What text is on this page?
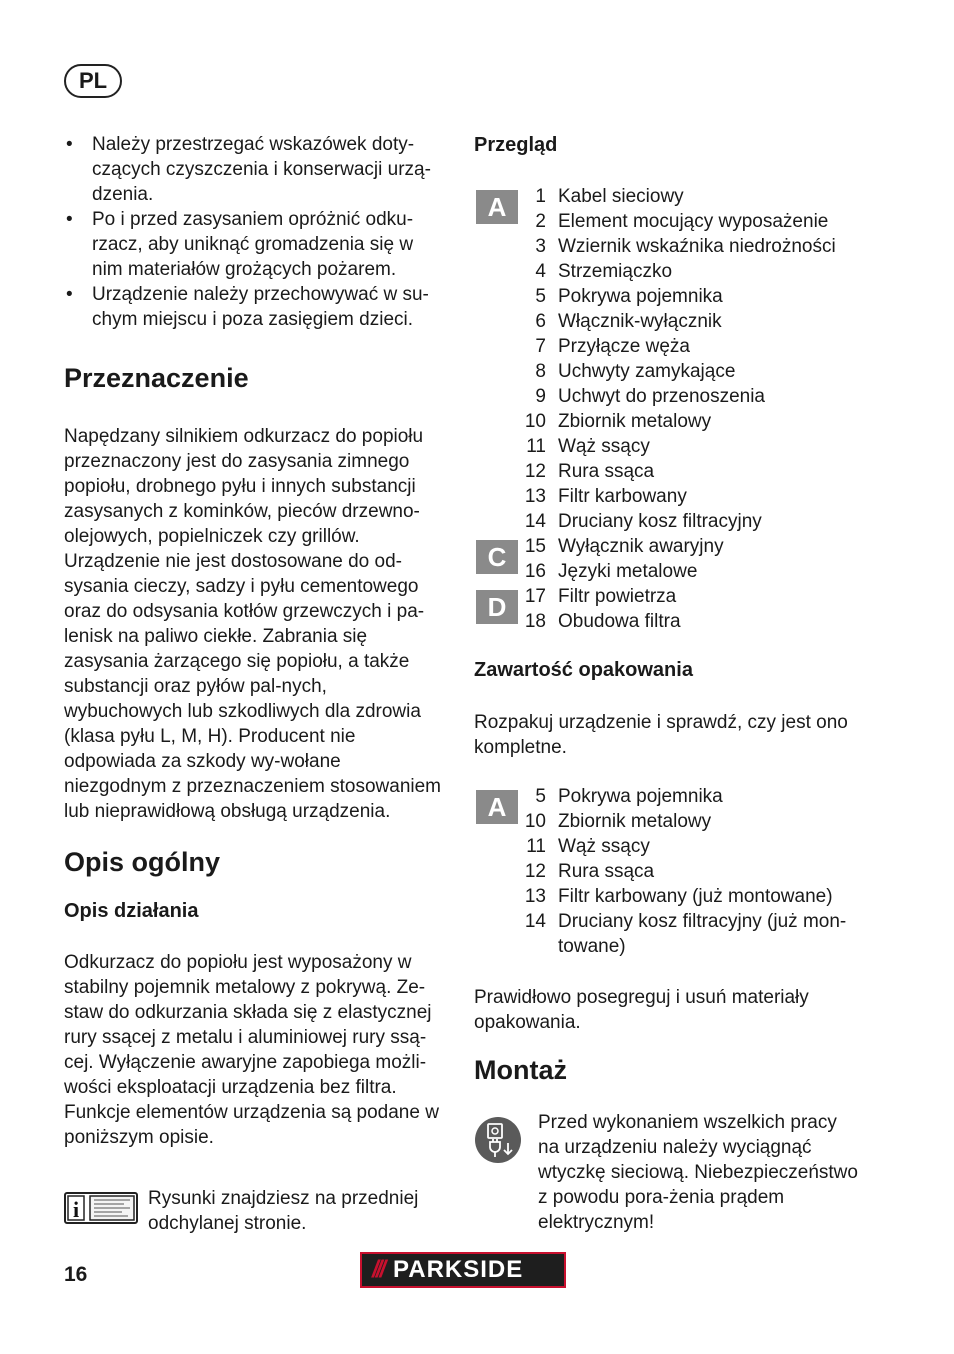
PL
• Należy przestrzegać wskazówek doty-czących czyszczenia i konserwacji urzą-dzenia.
• Po i przed zasysaniem opróżnić odku-rzacz, aby uniknąć gromadzenia się w nim materiałów grożących pożarem.
• Urządzenie należy przechowywać w su-chym miejscu i poza zasięgiem dzieci.
Przeznaczenie

Napędzany silnikiem odkurzacz do popiołu przeznaczony jest do zasysania zimnego popiołu, drobnego pyłu i innych substancji zasysanych z kominków, pieców drzewno-olejowych, popielniczek czy grillów. Urządzenie nie jest dostosowane do od-sysania cieczy, sadzy i pyłu cementowego oraz do odsysania kotłów grzewczych i pa-lenisk na paliwo ciekłe. Zabrania się zasysania żarzącego się popiołu, a także substancji oraz pyłów pal-nych, wybuchowych lub szkodliwych dla zdrowia (klasa pyłu L, M, H). Producent nie odpowiada za szkody wy-wołane niezgodnym z przeznaczeniem stosowaniem lub nieprawidłową obsługą urządzenia.

Opis ogólny
Opis działania

Odkurzacz do popiołu jest wyposażony w stabilny pojemnik metalowy z pokrywą. Ze-staw do odkurzania składa się z elastycznej rury ssącej z metalu i aluminiowej rury ssą-cej. Wyłączenie awaryjne zapobiega możli-wości eksploatacji urządzenia bez filtra. Funkcje elementów urządzenia są podane w poniższym opisie.

i	Rysunki znajdziesz na przedniej odchylanej stronie.

Przegląd
A
C
D
1 Kabel sieciowy
2 Element mocujący wyposażenie
3 Wziernik wskaźnika niedrożności
4 Strzemiączko
5 Pokrywa pojemnika
6 Włącznik-wyłącznik
7 Przyłącze węża
8 Uchwyty zamykające
9 Uchwyt do przenoszenia
10 Zbiornik metalowy
11 Wąż ssący
12 Rura ssąca
13 Filtr karbowany
14 Druciany kosz filtracyjny
15 Wyłącznik awaryjny
16 Języki metalowe
17 Filtr powietrza
18 Obudowa filtra
Zawartość opakowania

Rozpakuj urządzenie i sprawdź, czy jest ono kompletne.

A	5 Pokrywa pojemnika
10 Zbiornik metalowy
11 Wąż ssący
12 Rura ssąca
13 Filtr karbowany (już montowane)
14 Druciany kosz filtracyjny (już mon-towane)

Prawidłowo posegreguj i usuń materiały opakowania.

Montaż

Przed wykonaniem wszelkich pracy na urządzeniu należy wyciągnąć wtyczkę sieciową. Niebezpieczeństwo z powodu pora-żenia prądem elektrycznym!

16	/// PARKSIDE
